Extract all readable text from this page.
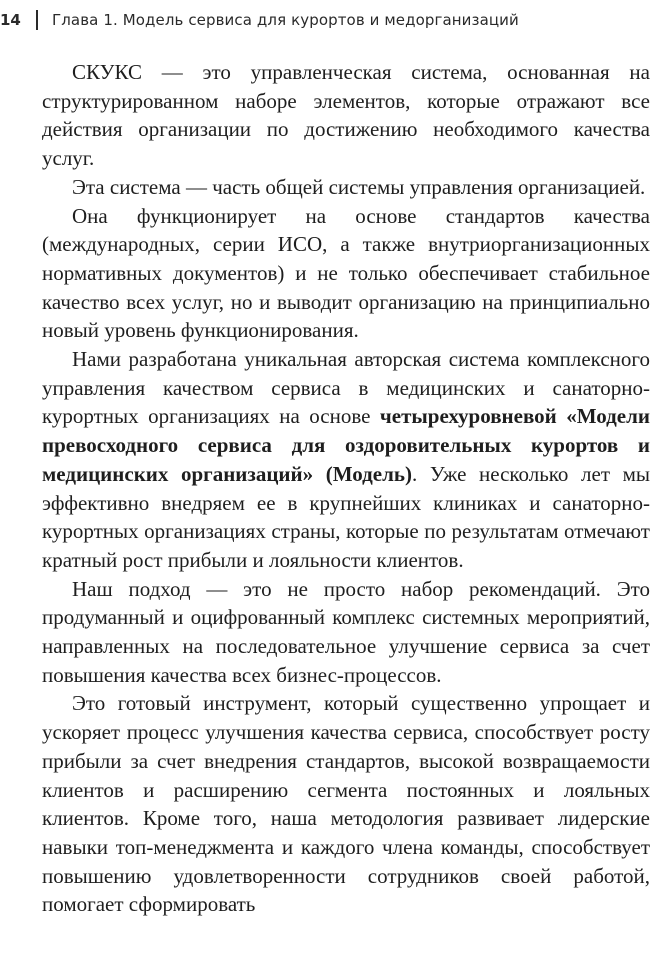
14 Глава 1. Модель сервиса для курортов и медорганизаций

СКУКС — это управленческая система, основанная на структурированном наборе элементов, которые отражают все действия организации по достижению необходимого качества услуг.

Эта система — часть общей системы управления организацией.

Она функционирует на основе стандартов качества (международных, серии ИСО, а также внутриорганизационных нормативных документов) и не только обеспечивает стабильное качество всех услуг, но и выводит организацию на принципиально новый уровень функционирования.

Нами разработана уникальная авторская система комплексного управления качеством сервиса в медицинских и санаторно-курортных организациях на основе четырехуровневой «Модели превосходного сервиса для оздоровительных курортов и медицинских организаций» (Модель). Уже несколько лет мы эффективно внедряем ее в крупнейших клиниках и санаторно-курортных организациях страны, которые по результатам отмечают кратный рост прибыли и лояльности клиентов.

Наш подход — это не просто набор рекомендаций. Это продуманный и оцифрованный комплекс системных мероприятий, направленных на последовательное улучшение сервиса за счет повышения качества всех бизнес-процессов.

Это готовый инструмент, который существенно упрощает и ускоряет процесс улучшения качества сервиса, способствует росту прибыли за счет внедрения стандартов, высокой возвращаемости клиентов и расширению сегмента постоянных и лояльных клиентов. Кроме того, наша методология развивает лидерские навыки топ-менеджмента и каждого члена команды, способствует повышению удовлетворенности сотрудников своей работой, помогает сформировать
